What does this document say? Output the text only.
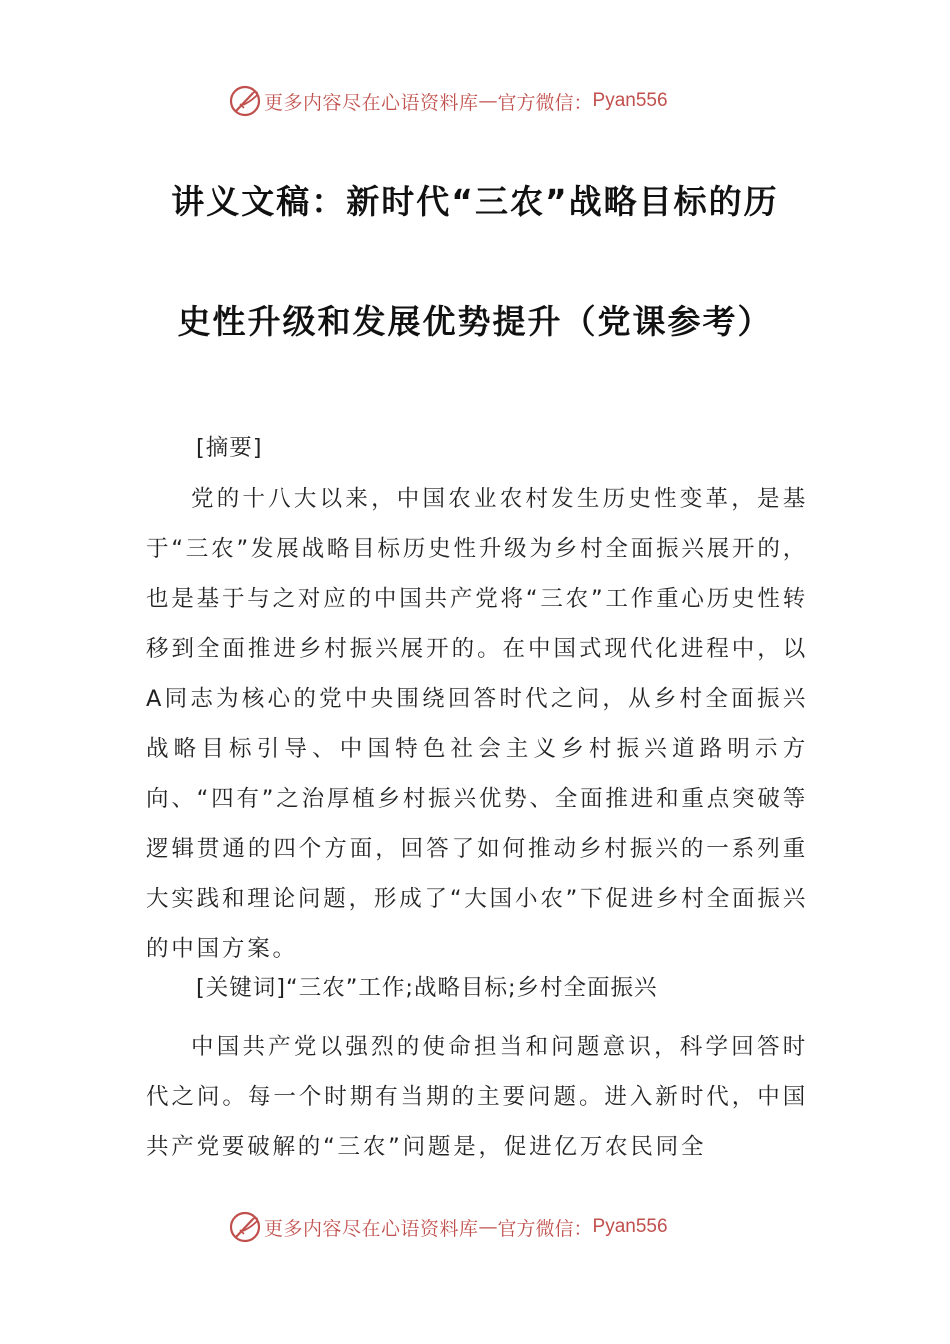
更多内容尽在心语资料库 — 官方微信： Pyan556
讲义文稿：新时代“三农”战略目标的历
史性升级和发展优势提升（党课参考）
[摘要]

党的十八大以来，中国农业农村发生历史性变革，是基于“三农”发展战略目标历史性升级为乡村全面振兴展开的，也是基于与之对应的中国共产党将“三农”工作重心历史性转移到全面推进乡村振兴展开的。在中国式现代化进程中，以A同志为核心的党中央围绕回答时代之问，从乡村全面振兴战略目标引导、中国特色社会主义乡村振兴道路明示方向、“四有”之治厚植乡村振兴优势、全面推进和重点突破等逻辑贯通的四个方面，回答了如何推动乡村振兴的一系列重大实践和理论问题，形成了“大国小农”下促进乡村全面振兴的中国方案。

[关键词]“三农”工作;战略目标;乡村全面振兴

中国共产党以强烈的使命担当和问题意识，科学回答时代之问。每一个时期有当期的主要问题。进入新时代，中国共产党要破解的“三农”问题是，促进亿万农民同全

更多内容尽在心语资料库 — 官方微信： Pyan556
